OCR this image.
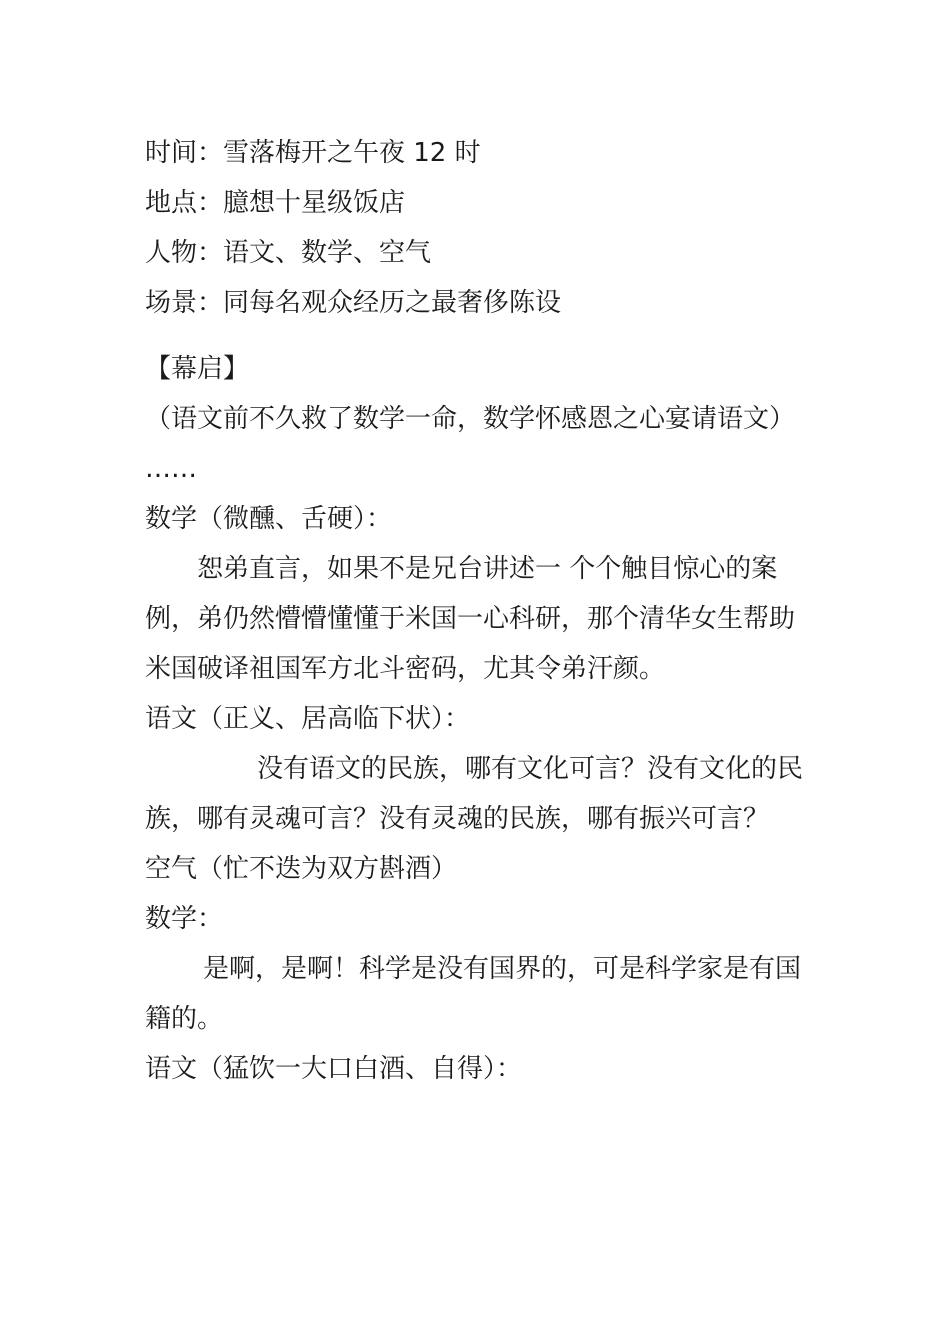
时间：雪落梅开之午夜 12 时

地点：臆想十星级饭店

人物：语文、数学、空气

场景：同每名观众经历之最奢侈陈设

【幕启】

（语文前不久救了数学一命，数学怀感恩之心宴请语文）

……

数学（微醺、舌硬）：

恕弟直言，如果不是兄台讲述一 个个触目惊心的案例，弟仍然懵懵懂懂于米国一心科研，那个清华女生帮助米国破译祖国军方北斗密码，尤其令弟汗颜。

语文（正义、居高临下状）：

没有语文的民族，哪有文化可言？没有文化的民族，哪有灵魂可言？没有灵魂的民族，哪有振兴可言？

空气（忙不迭为双方斟酒）

数学：

是啊，是啊！科学是没有国界的，可是科学家是有国籍的。

语文（猛饮一大口白酒、自得）：
